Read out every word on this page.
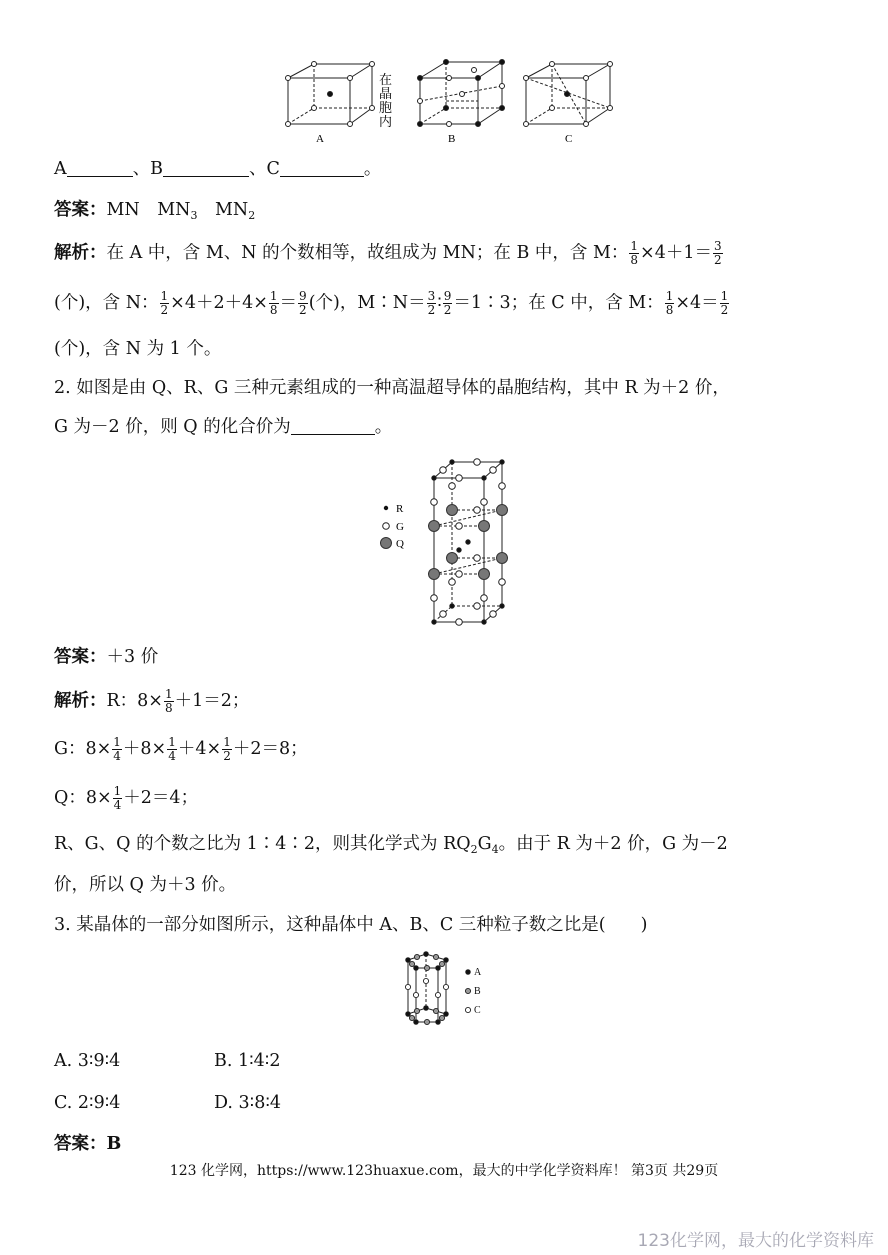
A
在
晶
胞
内
B	C
A	、B	、C	。
答案：MN　$MN_3$　$MN_2$
解析：在 A 中，含 M、N 的个数相等，故组成为 MN；在 B 中，含 M： $\frac{1}{8} \times 4+1= \frac{3}{2}$
(个)，含 N： $\frac{1}{2} \times 4+2+4\times \frac{1}{8} = \frac{9}{2}$ (个)，M∶N＝ $\frac{3}{2}$ ∶ $\frac{9}{2}$ ＝1∶3；在 C 中，含 M： $\frac{1}{8} \times 4= \frac{1}{2}$
(个)，含 N 为 1 个。
2. 如图是由 Q、R、G 三种元素组成的一种高温超导体的晶胞结构，其中 R 为＋2 价，
G 为－2 价，则 Q 的化合价为	。
R
G
Q
答案：＋3 价
解析：R：$8\times \frac{1}{8} +1=2$；
G：$8\times \frac{1}{4} +8\times \frac{1}{4} +4\times \frac{1}{2} +2=8$；
Q：$8\times \frac{1}{4} +2=4$；
R、G、Q 的个数之比为 1∶4∶2，则其化学式为 $RQ_2G_4$。由于 R 为＋2 价，G 为－2
价，所以 Q 为＋3 价。
3. 某晶体的一部分如图所示，这种晶体中 A、B、C 三种粒子数之比是(　　)
A
B
C
A. 3∶9∶4	B. 1∶4∶2
C. 2∶9∶4	D. 3∶8∶4
答案：B
123 化学网，https://www.123huaxue.com，最大的中学化学资料库！ 第3页 共29页
123化学网，最大的化学资料库
